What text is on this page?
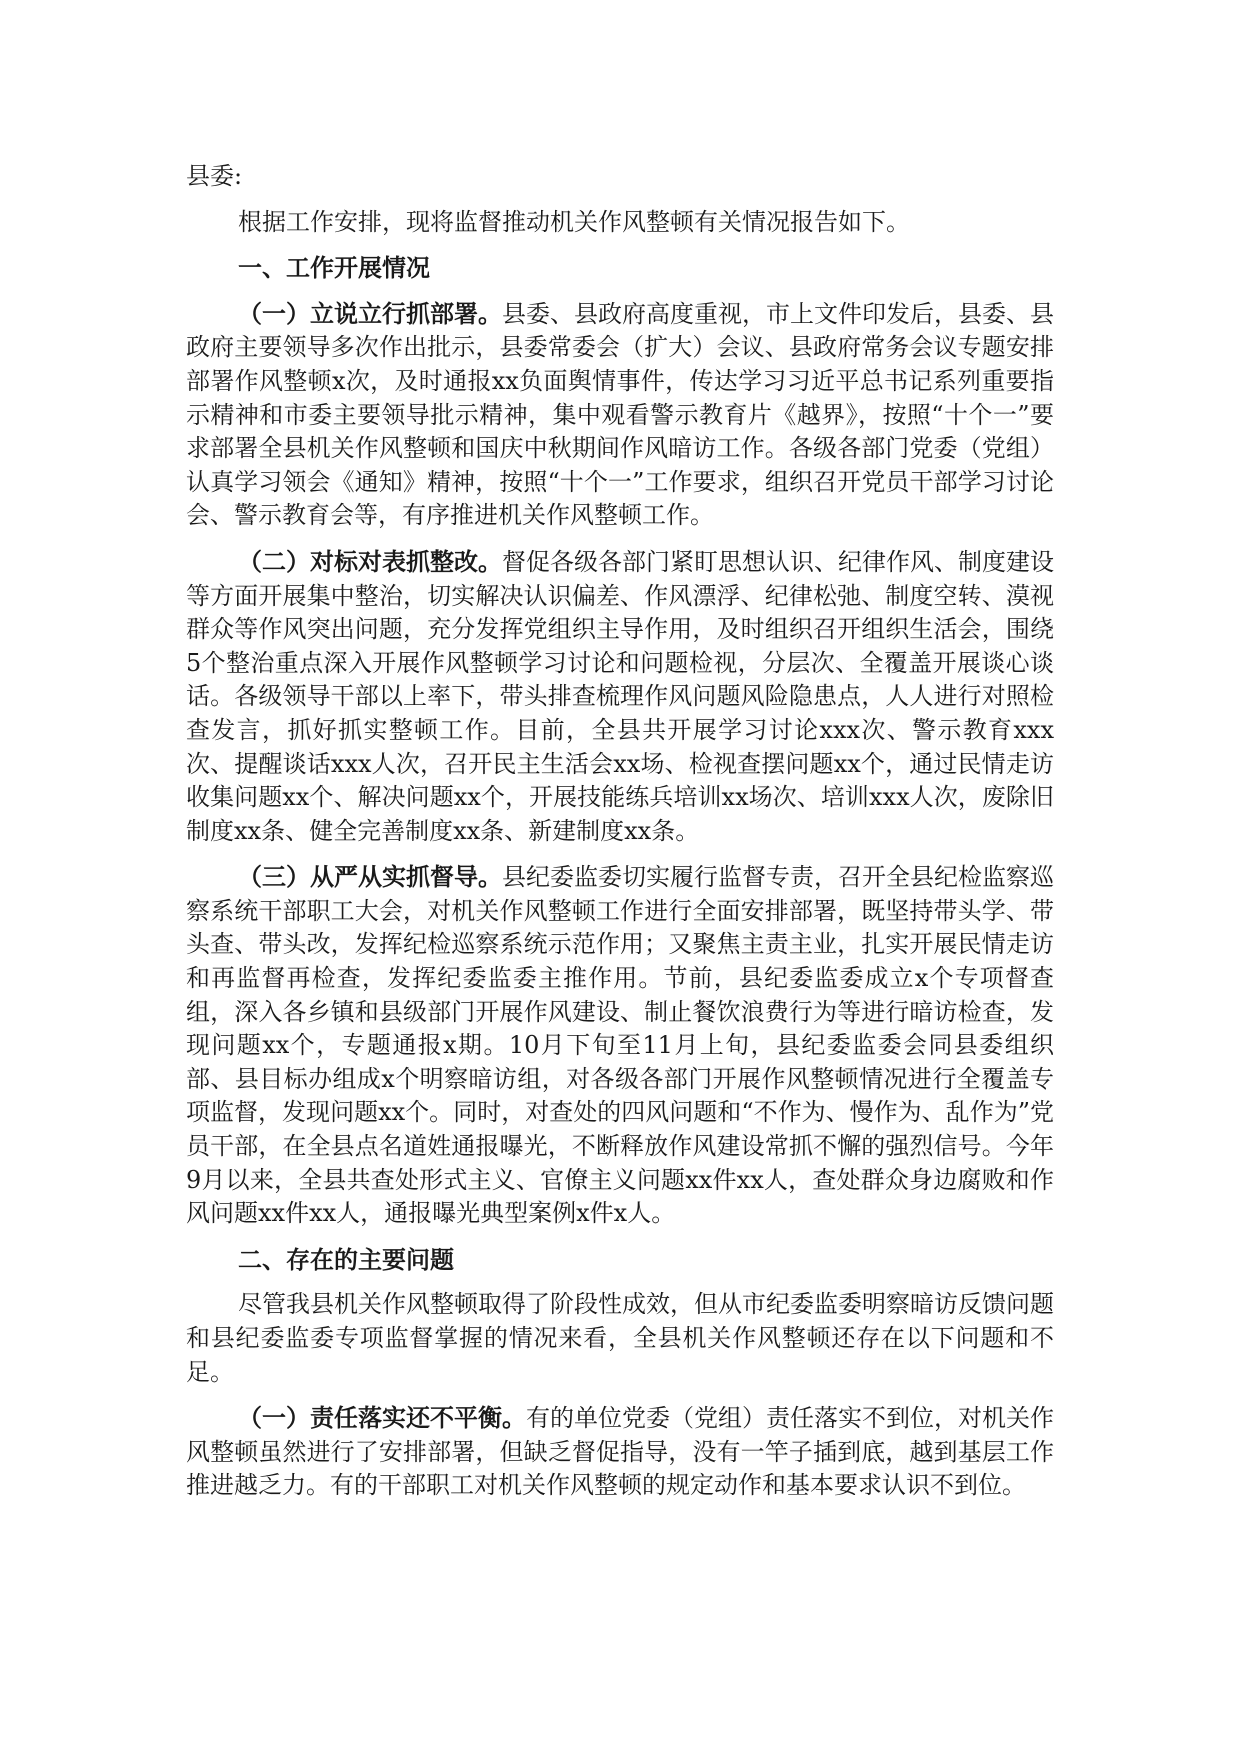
县委:

根据工作安排，现将监督推动机关作风整顿有关情况报告如下。

一、工作开展情况

（一）立说立行抓部署。县委、县政府高度重视，市上文件印发后，县委、县政府主要领导多次作出批示，县委常委会（扩大）会议、县政府常务会议专题安排部署作风整顿x次，及时通报xx负面舆情事件，传达学习习近平总书记系列重要指示精神和市委主要领导批示精神，集中观看警示教育片《越界》，按照“十个一”要求部署全县机关作风整顿和国庆中秋期间作风暗访工作。各级各部门党委（党组）认真学习领会《通知》精神，按照“十个一”工作要求，组织召开党员干部学习讨论会、警示教育会等，有序推进机关作风整顿工作。

（二）对标对表抓整改。督促各级各部门紧盯思想认识、纪律作风、制度建设等方面开展集中整治，切实解决认识偏差、作风漂浮、纪律松弛、制度空转、漠视群众等作风突出问题，充分发挥党组织主导作用，及时组织召开组织生活会，围绕5个整治重点深入开展作风整顿学习讨论和问题检视，分层次、全覆盖开展谈心谈话。各级领导干部以上率下，带头排查梳理作风问题风险隐患点，人人进行对照检查发言，抓好抓实整顿工作。目前，全县共开展学习讨论xxx次、警示教育xxx次、提醒谈话xxx人次，召开民主生活会xx场、检视查摆问题xx个，通过民情走访收集问题xx个、解决问题xx个，开展技能练兵培训xx场次、培训xxx人次，废除旧制度xx条、健全完善制度xx条、新建制度xx条。

（三）从严从实抓督导。县纪委监委切实履行监督专责，召开全县纪检监察巡察系统干部职工大会，对机关作风整顿工作进行全面安排部署，既坚持带头学、带头查、带头改，发挥纪检巡察系统示范作用；又聚焦主责主业，扎实开展民情走访和再监督再检查，发挥纪委监委主推作用。节前，县纪委监委成立x个专项督查组，深入各乡镇和县级部门开展作风建设、制止餐饮浪费行为等进行暗访检查，发现问题xx个，专题通报x期。10月下旬至11月上旬，县纪委监委会同县委组织部、县目标办组成x个明察暗访组，对各级各部门开展作风整顿情况进行全覆盖专项监督，发现问题xx个。同时，对查处的四风问题和“不作为、慢作为、乱作为”党员干部，在全县点名道姓通报曝光，不断释放作风建设常抓不懈的强烈信号。今年9月以来，全县共查处形式主义、官僚主义问题xx件xx人，查处群众身边腐败和作风问题xx件xx人，通报曝光典型案例x件x人。

二、存在的主要问题

尽管我县机关作风整顿取得了阶段性成效，但从市纪委监委明察暗访反馈问题和县纪委监委专项监督掌握的情况来看，全县机关作风整顿还存在以下问题和不足。

（一）责任落实还不平衡。有的单位党委（党组）责任落实不到位，对机关作风整顿虽然进行了安排部署，但缺乏督促指导，没有一竿子插到底，越到基层工作推进越乏力。有的干部职工对机关作风整顿的规定动作和基本要求认识不到位。
